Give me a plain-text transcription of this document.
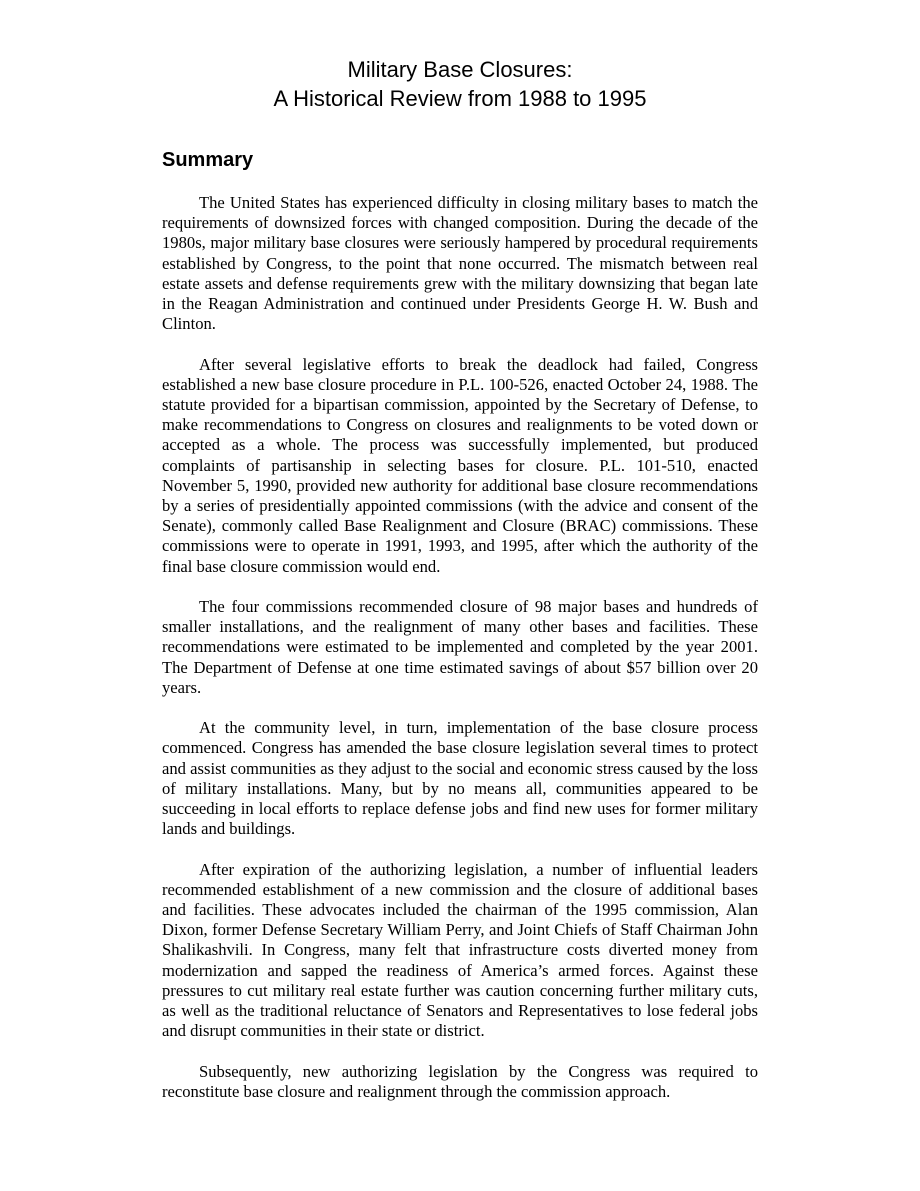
Military Base Closures:
A Historical Review from 1988 to 1995
Summary

The United States has experienced difficulty in closing military bases to match the requirements of downsized forces with changed composition. During the decade of the 1980s, major military base closures were seriously hampered by procedural requirements established by Congress, to the point that none occurred. The mismatch between real estate assets and defense requirements grew with the military downsizing that began late in the Reagan Administration and continued under Presidents George H. W. Bush and Clinton.

After several legislative efforts to break the deadlock had failed, Congress established a new base closure procedure in P.L. 100-526, enacted October 24, 1988. The statute provided for a bipartisan commission, appointed by the Secretary of Defense, to make recommendations to Congress on closures and realignments to be voted down or accepted as a whole. The process was successfully implemented, but produced complaints of partisanship in selecting bases for closure. P.L. 101-510, enacted November 5, 1990, provided new authority for additional base closure recommendations by a series of presidentially appointed commissions (with the advice and consent of the Senate), commonly called Base Realignment and Closure (BRAC) commissions. These commissions were to operate in 1991, 1993, and 1995, after which the authority of the final base closure commission would end.

The four commissions recommended closure of 98 major bases and hundreds of smaller installations, and the realignment of many other bases and facilities. These recommendations were estimated to be implemented and completed by the year 2001. The Department of Defense at one time estimated savings of about $57 billion over 20 years.

At the community level, in turn, implementation of the base closure process commenced. Congress has amended the base closure legislation several times to protect and assist communities as they adjust to the social and economic stress caused by the loss of military installations. Many, but by no means all, communities appeared to be succeeding in local efforts to replace defense jobs and find new uses for former military lands and buildings.

After expiration of the authorizing legislation, a number of influential leaders recommended establishment of a new commission and the closure of additional bases and facilities. These advocates included the chairman of the 1995 commission, Alan Dixon, former Defense Secretary William Perry, and Joint Chiefs of Staff Chairman John Shalikashvili. In Congress, many felt that infrastructure costs diverted money from modernization and sapped the readiness of America’s armed forces. Against these pressures to cut military real estate further was caution concerning further military cuts, as well as the traditional reluctance of Senators and Representatives to lose federal jobs and disrupt communities in their state or district.

Subsequently, new authorizing legislation by the Congress was required to reconstitute base closure and realignment through the commission approach.
